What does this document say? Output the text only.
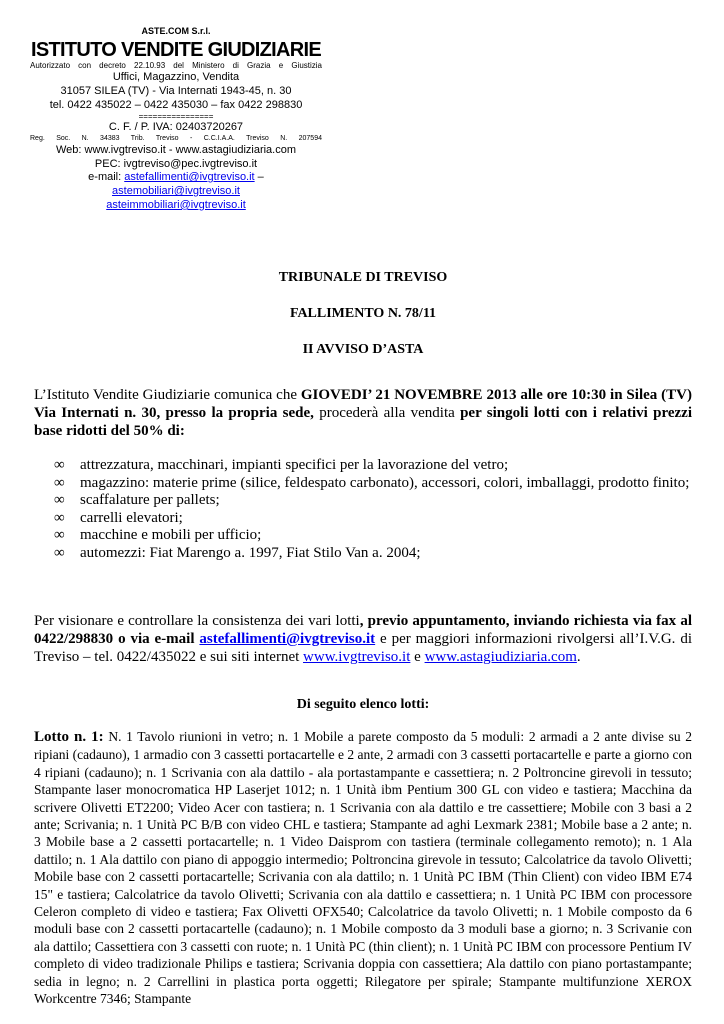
ASTE.COM S.r.l.
ISTITUTO VENDITE GIUDIZIARIE
Autorizzato con decreto 22.10.93 del Ministero di Grazia e Giustizia
Uffici, Magazzino, Vendita
31057 SILEA (TV) - Via Internati 1943-45, n. 30
tel. 0422 435022 – 0422 435030 – fax 0422 298830
================
C. F. / P. IVA: 02403720267
Reg. Soc. N. 34383 Trib. Treviso - C.C.I.A.A. Treviso N. 207594
Web: www.ivgtreviso.it - www.astagiudiziaria.com
PEC: ivgtreviso@pec.ivgtreviso.it
e-mail: astefallimenti@ivgtreviso.it – astemobiliari@ivgtreviso.it
asteimmobiliari@ivgtreviso.it
TRIBUNALE DI TREVISO
FALLIMENTO N. 78/11
II AVVISO D’ASTA
L’Istituto Vendite Giudiziarie comunica che GIOVEDI’ 21 NOVEMBRE 2013 alle ore 10:30 in Silea (TV) Via Internati n. 30, presso la propria sede, procederà alla vendita per singoli lotti con i relativi prezzi base ridotti del 50% di:
∞ attrezzatura, macchinari, impianti specifici per la lavorazione del vetro;
∞ magazzino: materie prime (silice, feldespato carbonato), accessori, colori, imballaggi, prodotto finito;
∞ scaffalature per pallets;
∞ carrelli elevatori;
∞ macchine e mobili per ufficio;
∞ automezzi: Fiat Marengo a. 1997, Fiat Stilo Van a. 2004;
Per visionare e controllare la consistenza dei vari lotti, previo appuntamento, inviando richiesta via fax al 0422/298830 o via e-mail astefallimenti@ivgtreviso.it e per maggiori informazioni rivolgersi all’I.V.G. di Treviso – tel. 0422/435022 e sui siti internet www.ivgtreviso.it e www.astagiudiziaria.com.
Di seguito elenco lotti:
Lotto n. 1: N. 1 Tavolo riunioni in vetro; n. 1 Mobile a parete composto da 5 moduli: 2 armadi a 2 ante divise su 2 ripiani (cadauno), 1 armadio con 3 cassetti portacartelle e 2 ante, 2 armadi con 3 cassetti portacartelle e parte a giorno con 4 ripiani (cadauno); n. 1 Scrivania con ala dattilo - ala portastampante e cassettiera; n. 2 Poltroncine girevoli in tessuto; Stampante laser monocromatica HP Laserjet 1012; n. 1 Unità ibm Pentium 300 GL con video e tastiera; Macchina da scrivere Olivetti ET2200; Video Acer con tastiera; n. 1 Scrivania con ala dattilo e tre cassettiere; Mobile con 3 basi a 2 ante; Scrivania; n. 1 Unità PC B/B con video CHL e tastiera; Stampante ad aghi Lexmark 2381; Mobile base a 2 ante; n. 3 Mobile base a 2 cassetti portacartelle; n. 1 Video Daisprom con tastiera (terminale collegamento remoto); n. 1 Ala dattilo; n. 1 Ala dattilo con piano di appoggio intermedio; Poltroncina girevole in tessuto; Calcolatrice da tavolo Olivetti; Mobile base con 2 cassetti portacartelle; Scrivania con ala dattilo; n. 1 Unità PC IBM (Thin Client) con video IBM E74 15" e tastiera; Calcolatrice da tavolo Olivetti; Scrivania con ala dattilo e cassettiera; n. 1 Unità PC IBM con processore Celeron completo di video e tastiera; Fax Olivetti OFX540; Calcolatrice da tavolo Olivetti; n. 1 Mobile composto da 6 moduli base con 2 cassetti portacartelle (cadauno); n. 1 Mobile composto da 3 moduli base a giorno; n. 3 Scrivanie con ala dattilo; Cassettiera con 3 cassetti con ruote; n. 1 Unità PC (thin client); n. 1 Unità PC IBM con processore Pentium IV completo di video tradizionale Philips e tastiera; Scrivania doppia con cassettiera; Ala dattilo con piano portastampante; sedia in legno; n. 2 Carrellini in plastica porta oggetti; Rilegatore per spirale; Stampante multifunzione XEROX Workcentre 7346; Stampante
